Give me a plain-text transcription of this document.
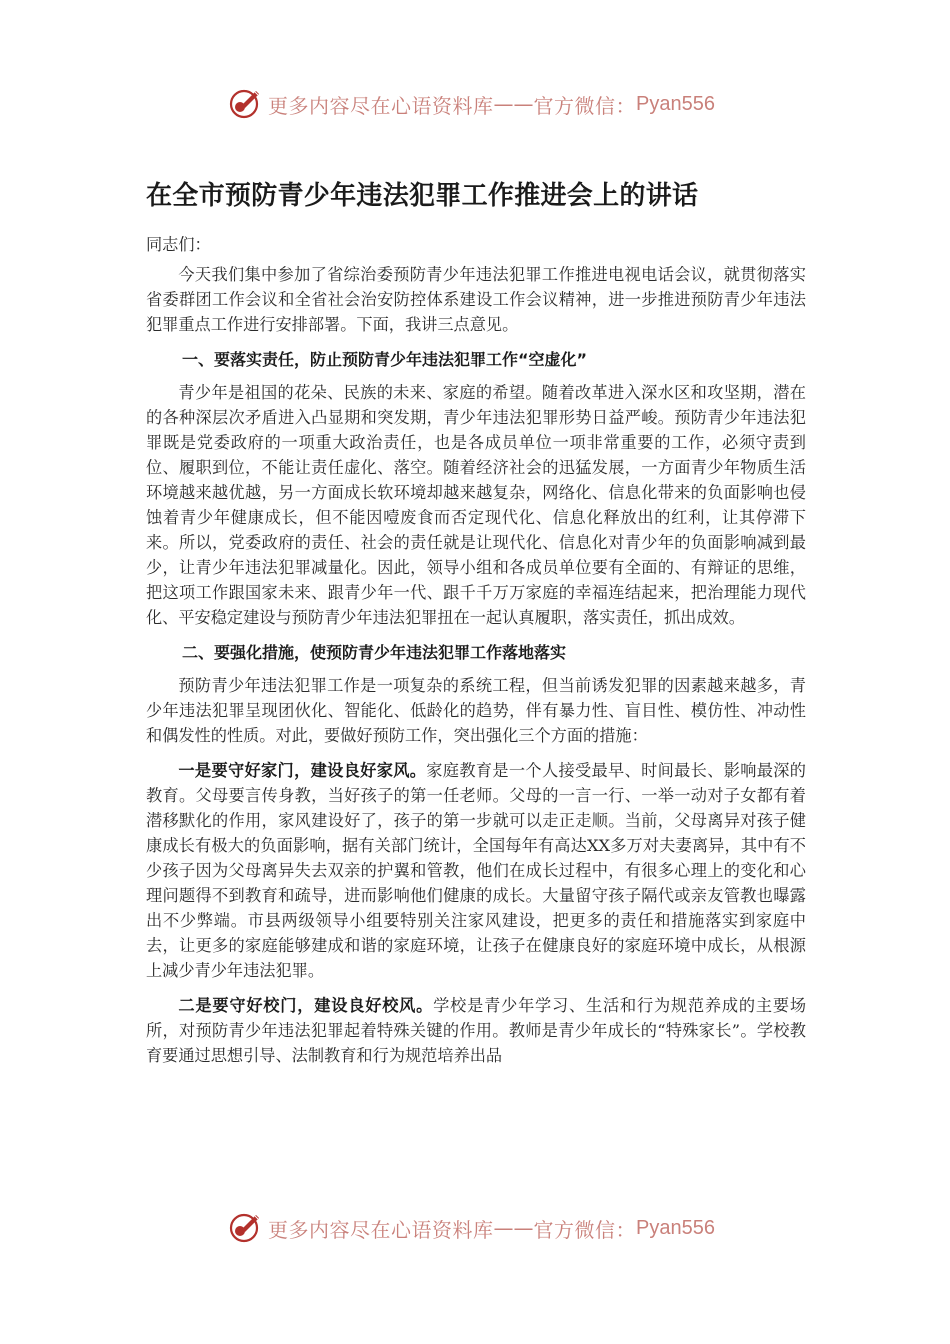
更多内容尽在心语资料库 —— 官方微信： Pyan556
在全市预防青少年违法犯罪工作推进会上的讲话

同志们：

今天我们集中参加了省综治委预防青少年违法犯罪工作推进电视电话会议，就贯彻落实省委群团工作会议和全省社会治安防控体系建设工作会议精神，进一步推进预防青少年违法犯罪重点工作进行安排部署。下面，我讲三点意见。

一、要落实责任，防止预防青少年违法犯罪工作“空虚化”

青少年是祖国的花朵、民族的未来、家庭的希望。随着改革进入深水区和攻坚期，潜在的各种深层次矛盾进入凸显期和突发期，青少年违法犯罪形势日益严峻。预防青少年违法犯罪既是党委政府的一项重大政治责任，也是各成员单位一项非常重要的工作，必须守责到位、履职到位，不能让责任虚化、落空。随着经济社会的迅猛发展，一方面青少年物质生活环境越来越优越，另一方面成长软环境却越来越复杂，网络化、信息化带来的负面影响也侵蚀着青少年健康成长，但不能因噎废食而否定现代化、信息化释放出的红利，让其停滞下来。所以，党委政府的责任、社会的责任就是让现代化、信息化对青少年的负面影响减到最少，让青少年违法犯罪减量化。因此，领导小组和各成员单位要有全面的、有辩证的思维，把这项工作跟国家未来、跟青少年一代、跟千千万万家庭的幸福连结起来，把治理能力现代化、平安稳定建设与预防青少年违法犯罪扭在一起认真履职，落实责任，抓出成效。

二、要强化措施，使预防青少年违法犯罪工作落地落实

预防青少年违法犯罪工作是一项复杂的系统工程，但当前诱发犯罪的因素越来越多，青少年违法犯罪呈现团伙化、智能化、低龄化的趋势，伴有暴力性、盲目性、模仿性、冲动性和偶发性的性质。对此，要做好预防工作，突出强化三个方面的措施：

一是要守好家门，建设良好家风。家庭教育是一个人接受最早、时间最长、影响最深的教育。父母要言传身教，当好孩子的第一任老师。父母的一言一行、一举一动对子女都有着潜移默化的作用，家风建设好了，孩子的第一步就可以走正走顺。当前，父母离异对孩子健康成长有极大的负面影响，据有关部门统计，全国每年有高达XX多万对夫妻离异，其中有不少孩子因为父母离异失去双亲的护翼和管教，他们在成长过程中，有很多心理上的变化和心理问题得不到教育和疏导，进而影响他们健康的成长。大量留守孩子隔代或亲友管教也曝露出不少弊端。市县两级领导小组要特别关注家风建设，把更多的责任和措施落实到家庭中去，让更多的家庭能够建成和谐的家庭环境，让孩子在健康良好的家庭环境中成长，从根源上减少青少年违法犯罪。

二是要守好校门，建设良好校风。学校是青少年学习、生活和行为规范养成的主要场所，对预防青少年违法犯罪起着特殊关键的作用。教师是青少年成长的“特殊家长”。学校教育要通过思想引导、法制教育和行为规范培养出品

更多内容尽在心语资料库 —— 官方微信： Pyan556
